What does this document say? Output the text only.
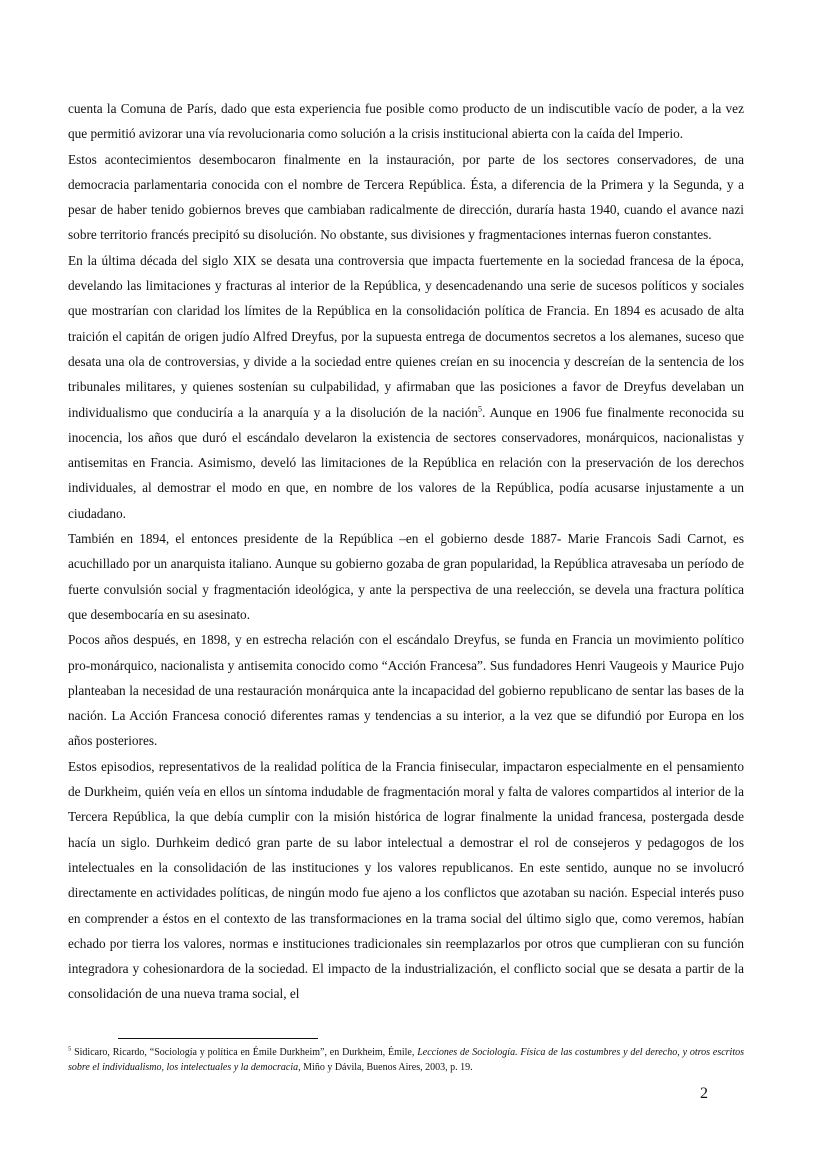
cuenta la Comuna de París, dado que esta experiencia fue posible como producto de un indiscutible vacío de poder, a la vez que permitió avizorar una vía revolucionaria como solución a la crisis institucional abierta con la caída del Imperio.

Estos acontecimientos desembocaron finalmente en la instauración, por parte de los sectores conservadores, de una democracia parlamentaria conocida con el nombre de Tercera República. Ésta, a diferencia de la Primera y la Segunda, y a pesar de haber tenido gobiernos breves que cambiaban radicalmente de dirección, duraría hasta 1940, cuando el avance nazi sobre territorio francés precipitó su disolución. No obstante, sus divisiones y fragmentaciones internas fueron constantes.

En la última década del siglo XIX se desata una controversia que impacta fuertemente en la sociedad francesa de la época, develando las limitaciones y fracturas al interior de la República, y desencadenando una serie de sucesos políticos y sociales que mostrarían con claridad los límites de la República en la consolidación política de Francia. En 1894 es acusado de alta traición el capitán de origen judío Alfred Dreyfus, por la supuesta entrega de documentos secretos a los alemanes, suceso que desata una ola de controversias, y divide a la sociedad entre quienes creían en su inocencia y descreían de la sentencia de los tribunales militares, y quienes sostenían su culpabilidad, y afirmaban que las posiciones a favor de Dreyfus develaban un individualismo que conduciría a la anarquía y a la disolución de la nación$^5$. Aunque en 1906 fue finalmente reconocida su inocencia, los años que duró el escándalo develaron la existencia de sectores conservadores, monárquicos, nacionalistas y antisemitas en Francia. Asimismo, develó las limitaciones de la República en relación con la preservación de los derechos individuales, al demostrar el modo en que, en nombre de los valores de la República, podía acusarse injustamente a un ciudadano.

También en 1894, el entonces presidente de la República –en el gobierno desde 1887- Marie Francois Sadi Carnot, es acuchillado por un anarquista italiano. Aunque su gobierno gozaba de gran popularidad, la República atravesaba un período de fuerte convulsión social y fragmentación ideológica, y ante la perspectiva de una reelección, se devela una fractura política que desembocaría en su asesinato.

Pocos años después, en 1898, y en estrecha relación con el escándalo Dreyfus, se funda en Francia un movimiento político pro-monárquico, nacionalista y antisemita conocido como “Acción Francesa”. Sus fundadores Henri Vaugeois y Maurice Pujo planteaban la necesidad de una restauración monárquica ante la incapacidad del gobierno republicano de sentar las bases de la nación. La Acción Francesa conoció diferentes ramas y tendencias a su interior, a la vez que se difundió por Europa en los años posteriores.

Estos episodios, representativos de la realidad política de la Francia finisecular, impactaron especialmente en el pensamiento de Durkheim, quién veía en ellos un síntoma indudable de fragmentación moral y falta de valores compartidos al interior de la Tercera República, la que debía cumplir con la misión histórica de lograr finalmente la unidad francesa, postergada desde hacía un siglo. Durhkeim dedicó gran parte de su labor intelectual a demostrar el rol de consejeros y pedagogos de los intelectuales en la consolidación de las instituciones y los valores republicanos. En este sentido, aunque no se involucró directamente en actividades políticas, de ningún modo fue ajeno a los conflictos que azotaban su nación. Especial interés puso en comprender a éstos en el contexto de las transformaciones en la trama social del último siglo que, como veremos, habían echado por tierra los valores, normas e instituciones tradicionales sin reemplazarlos por otros que cumplieran con su función integradora y cohesionardora de la sociedad. El impacto de la industrialización, el conflicto social que se desata a partir de la consolidación de una nueva trama social, el

$^5$ Sidicaro, Ricardo, “Sociología y política en Émile Durkheim”, en Durkheim, Émile, Lecciones de Sociología. Física de las costumbres y del derecho, y otros escritos sobre el individualismo, los intelectuales y la democracia, Miño y Dávila, Buenos Aires, 2003, p. 19.
2
